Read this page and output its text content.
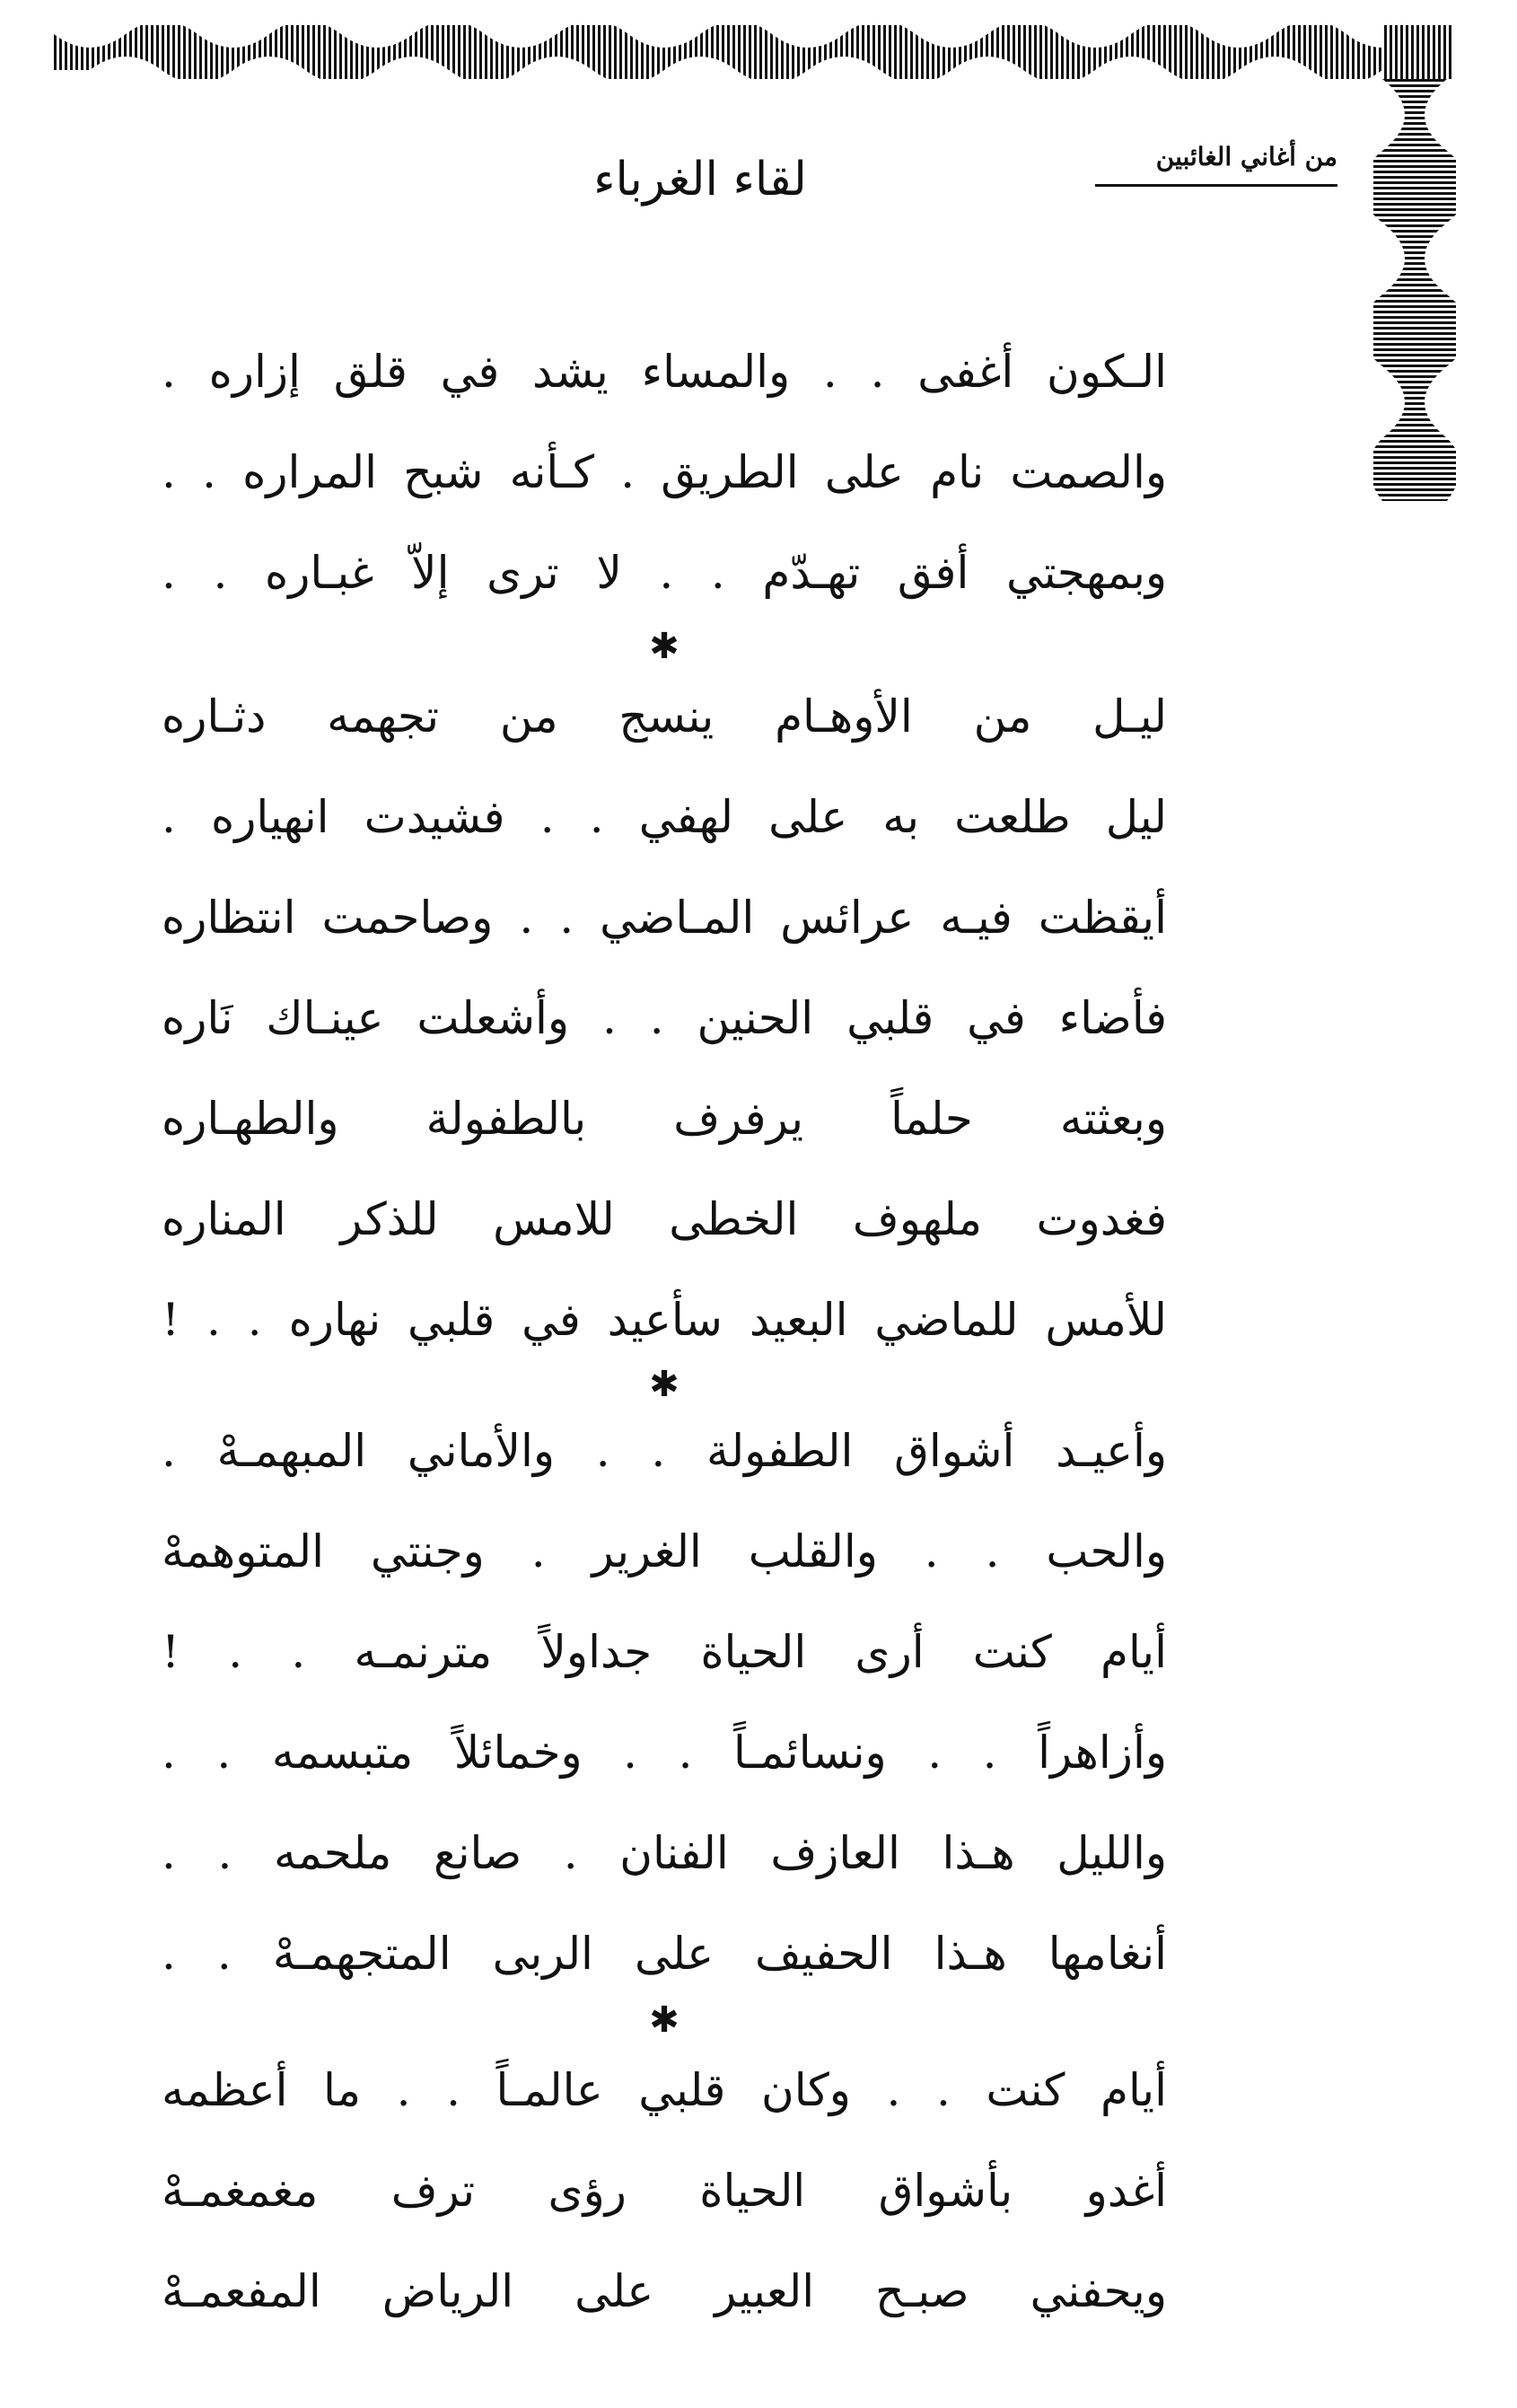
من أغاني الغائبين
لقاء الغرباء
الـكون أغفى . . والمساء يشد في قلق إزاره .
والصمت نام على الطريق . كـأنه شبح المراره . .
وبمهجتي أفق تهـدّم . . لا ترى إلاّ غبـاره . .
✱
ليـل من الأوهـام ينسج من تجهمه دثـاره
ليل طلعت به على لهفي . . فشيدت انهياره .
أيقظت فيـه عرائس المـاضي . . وصاحمت انتظاره
فأضاء في قلبي الحنين . . وأشعلت عينـاك نَاره
وبعثته حلماً يرفرف بالطفولة والطهـاره
فغدوت ملهوف الخطى للامس للذكر المناره
للأمس للماضي البعيد سأعيد في قلبي نهاره . . !
✱
وأعيـد أشواق الطفولة . . والأماني المبهمـهْ .
والحب . . والقلب الغرير . وجنتي المتوهمهْ
أيام كنت أرى الحياة جداولاً مترنمـه . . !
وأزاهراً . . ونسائمـاً . . وخمائلاً متبسمه . .
والليل هـذا العازف الفنان . صانع ملحمه . .
أنغامها هـذا الحفيف على الربى المتجهمـهْ . .
✱
أيام كنت . . وكان قلبي عالمـاً . . ما أعظمه
أغدو بأشواق الحياة رؤى ترف مغمغمـهْ
ويحفني صبـح العبير على الرياض المفعمـهْ
